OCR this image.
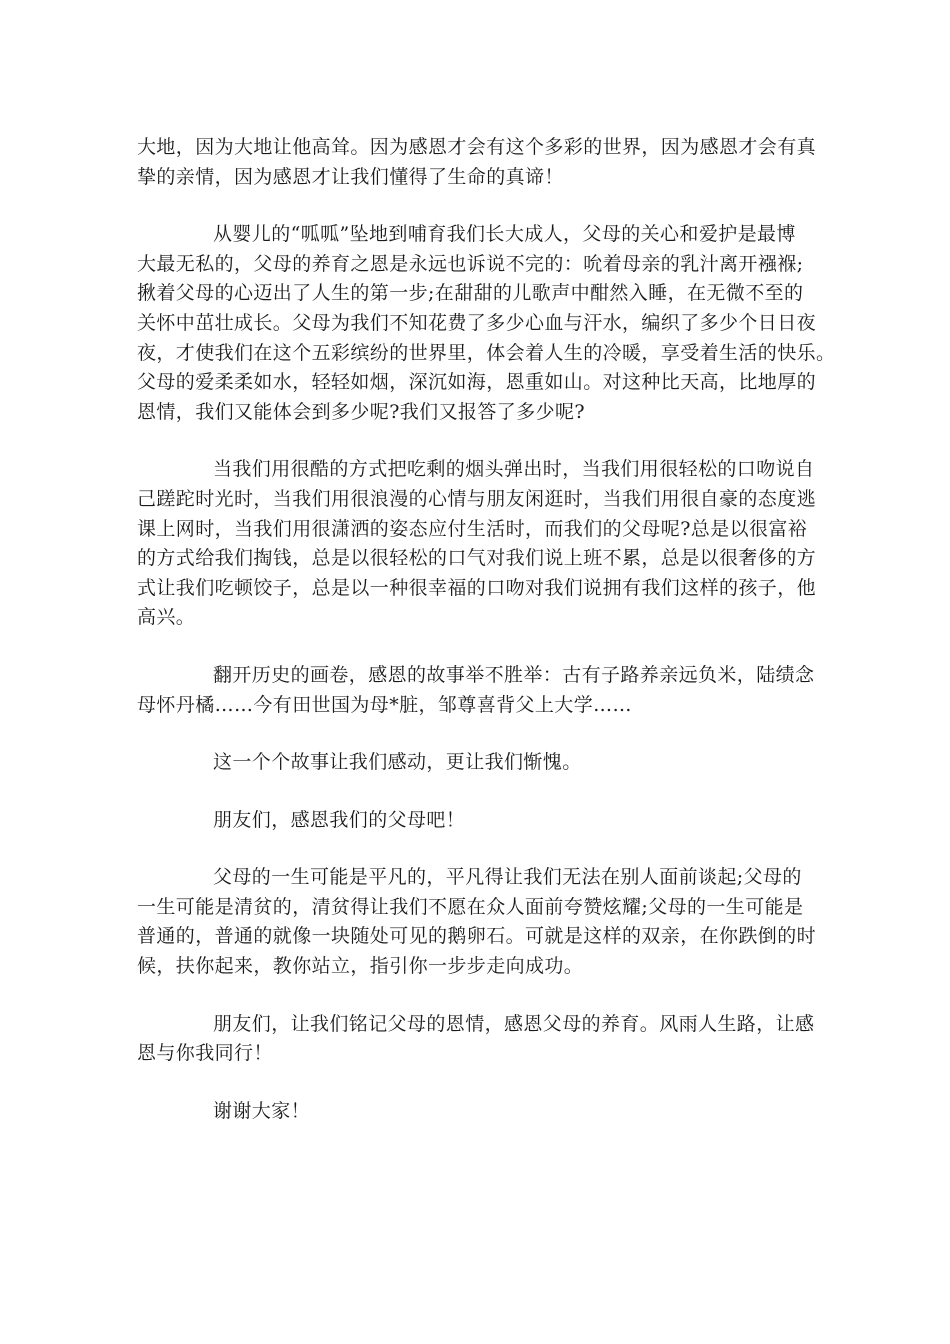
大地，因为大地让他高耸。因为感恩才会有这个多彩的世界，因为感恩才会有真
挚的亲情，因为感恩才让我们懂得了生命的真谛！
从婴儿的“呱呱”坠地到哺育我们长大成人，父母的关心和爱护是最博
大最无私的，父母的养育之恩是永远也诉说不完的：吮着母亲的乳汁离开襁褓;
揪着父母的心迈出了人生的第一步;在甜甜的儿歌声中酣然入睡，在无微不至的
关怀中茁壮成长。父母为我们不知花费了多少心血与汗水，编织了多少个日日夜
夜，才使我们在这个五彩缤纷的世界里，体会着人生的冷暖，享受着生活的快乐。
父母的爱柔柔如水，轻轻如烟，深沉如海，恩重如山。对这种比天高，比地厚的
恩情，我们又能体会到多少呢?我们又报答了多少呢?
当我们用很酷的方式把吃剩的烟头弹出时，当我们用很轻松的口吻说自
己蹉跎时光时，当我们用很浪漫的心情与朋友闲逛时，当我们用很自豪的态度逃
课上网时，当我们用很潇洒的姿态应付生活时，而我们的父母呢?总是以很富裕
的方式给我们掏钱，总是以很轻松的口气对我们说上班不累，总是以很奢侈的方
式让我们吃顿饺子，总是以一种很幸福的口吻对我们说拥有我们这样的孩子，他
高兴。
翻开历史的画卷，感恩的故事举不胜举：古有子路养亲远负米，陆绩念
母怀丹橘……今有田世国为母*脏，邹尊喜背父上大学……
这一个个故事让我们感动，更让我们惭愧。
朋友们，感恩我们的父母吧！
父母的一生可能是平凡的，平凡得让我们无法在别人面前谈起;父母的
一生可能是清贫的，清贫得让我们不愿在众人面前夸赞炫耀;父母的一生可能是
普通的，普通的就像一块随处可见的鹅卵石。可就是这样的双亲，在你跌倒的时
候，扶你起来，教你站立，指引你一步步走向成功。
朋友们，让我们铭记父母的恩情，感恩父母的养育。风雨人生路，让感
恩与你我同行！
谢谢大家！
